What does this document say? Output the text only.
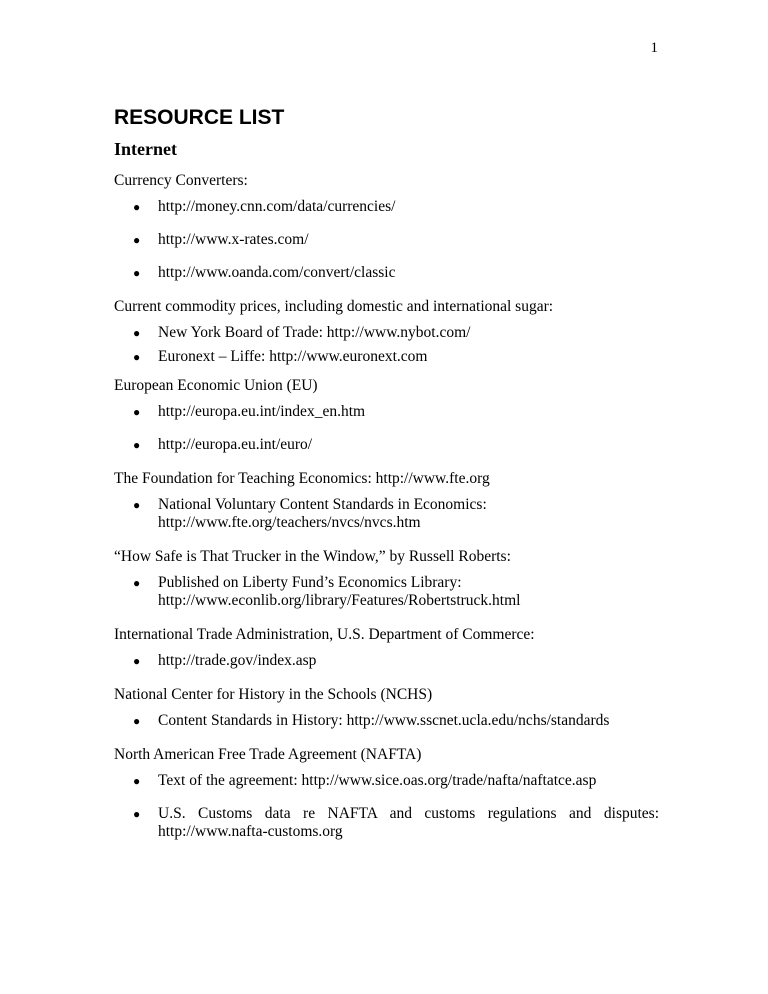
1
RESOURCE LIST
Internet

Currency Converters:

● http://money.cnn.com/data/currencies/
● http://www.x-rates.com/
● http://www.oanda.com/convert/classic

Current commodity prices, including domestic and international sugar:

● New York Board of Trade: http://www.nybot.com/
● Euronext – Liffe: http://www.euronext.com

European Economic Union (EU)

● http://europa.eu.int/index_en.htm
● http://europa.eu.int/euro/

The Foundation for Teaching Economics: http://www.fte.org

● National Voluntary Content Standards in Economics: http://www.fte.org/teachers/nvcs/nvcs.htm

“How Safe is That Trucker in the Window,” by Russell Roberts:

● Published on Liberty Fund’s Economics Library: http://www.econlib.org/library/Features/Robertstruck.html

International Trade Administration, U.S. Department of Commerce:

● http://trade.gov/index.asp

National Center for History in the Schools (NCHS)

● Content Standards in History: http://www.sscnet.ucla.edu/nchs/standards

North American Free Trade Agreement (NAFTA)

● Text of the agreement: http://www.sice.oas.org/trade/nafta/naftatce.asp
● U.S. Customs data re NAFTA and customs regulations and disputes: http://www.nafta-customs.org
